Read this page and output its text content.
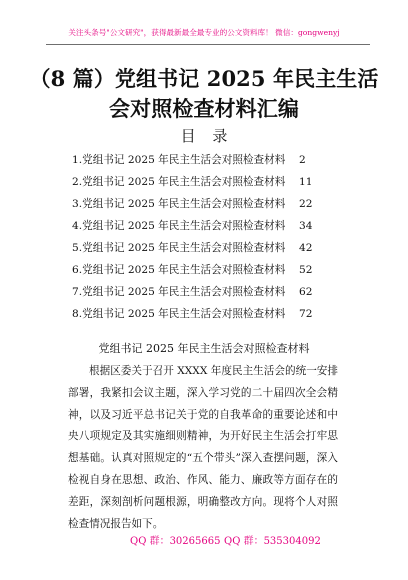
关注头条号"公文研究"，获得最新最全最专业的公文资料库！ 微信：gongwenyj
（8 篇）党组书记 2025 年民主生活会对照检查材料汇编
目 录
1.党组书记 2025 年民主生活会对照检查材料 2
2.党组书记 2025 年民主生活会对照检查材料 11
3.党组书记 2025 年民主生活会对照检查材料 22
4.党组书记 2025 年民主生活会对照检查材料 34
5.党组书记 2025 年民主生活会对照检查材料 42
6.党组书记 2025 年民主生活会对照检查材料 52
7.党组书记 2025 年民主生活会对照检查材料 62
8.党组书记 2025 年民主生活会对照检查材料 72
党组书记 2025 年民主生活会对照检查材料

根据区委关于召开 XXXX 年度民主生活会的统一安排部署，我紧扣会议主题，深入学习党的二十届四次全会精神，以及习近平总书记关于党的自我革命的重要论述和中央八项规定及其实施细则精神，为开好民主生活会打牢思想基础。认真对照规定的“五个带头”深入查摆问题，深入检视自身在思想、政治、作风、能力、廉政等方面存在的差距，深刻剖析问题根源，明确整改方向。现将个人对照检查情况报告如下。

QQ 群：30265665 QQ 群：535304092
